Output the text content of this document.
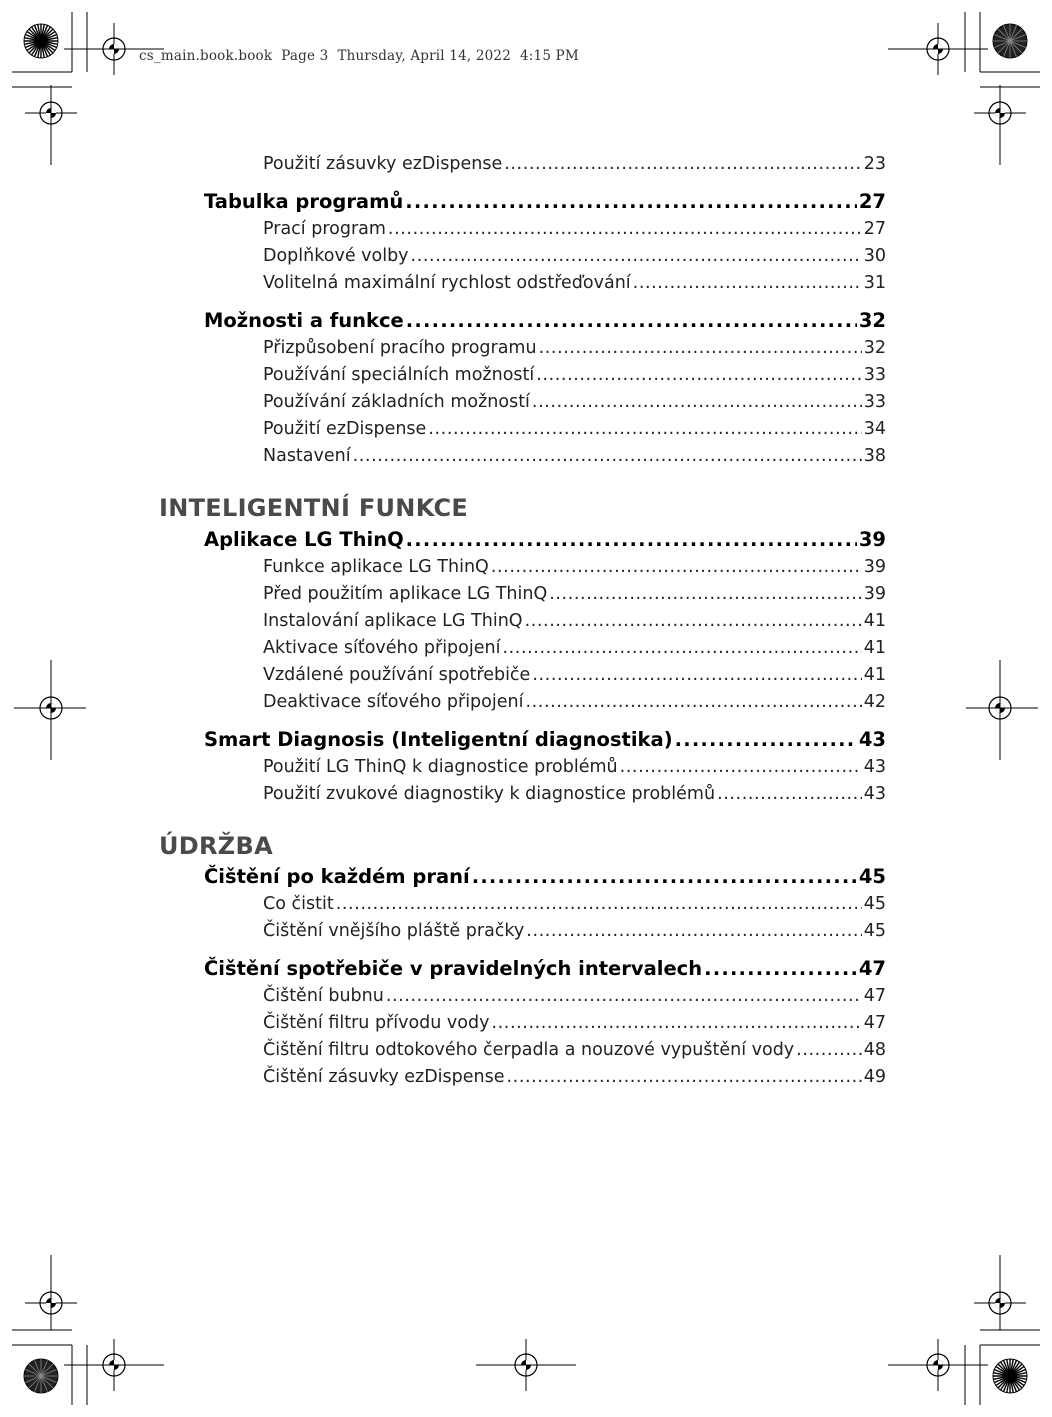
cs_main.book.book  Page 3  Thursday, April 14, 2022  4:15 PM
Použití zásuvky ezDispense .....	23
Tabulka programů .....	27
Prací program .....	27
Doplňkové volby .....	30
Volitelná maximální rychlost odstřeďování .....	31
Možnosti a funkce .....	32
Přizpůsobení pracího programu .....	32
Používání speciálních možností .....	33
Používání základních možností .....	33
Použití ezDispense .....	34
Nastavení .....	38
INTELIGENTNÍ FUNKCE
Aplikace LG ThinQ .....	39
Funkce aplikace LG ThinQ .....	39
Před použitím aplikace LG ThinQ .....	39
Instalování aplikace LG ThinQ .....	41
Aktivace síťového připojení .....	41
Vzdálené používání spotřebiče .....	41
Deaktivace síťového připojení .....	42
Smart Diagnosis (Inteligentní diagnostika) .....	43
Použití LG ThinQ k diagnostice problémů .....	43
Použití zvukové diagnostiky k diagnostice problémů .....	43
ÚDRŽBA
Čištění po každém praní .....	45
Co čistit .....	45
Čištění vnějšího pláště pračky .....	45
Čištění spotřebiče v pravidelných intervalech .....	47
Čištění bubnu .....	47
Čištění filtru přívodu vody .....	47
Čištění filtru odtokového čerpadla a nouzové vypuštění vody .....	48
Čištění zásuvky ezDispense .....	49
